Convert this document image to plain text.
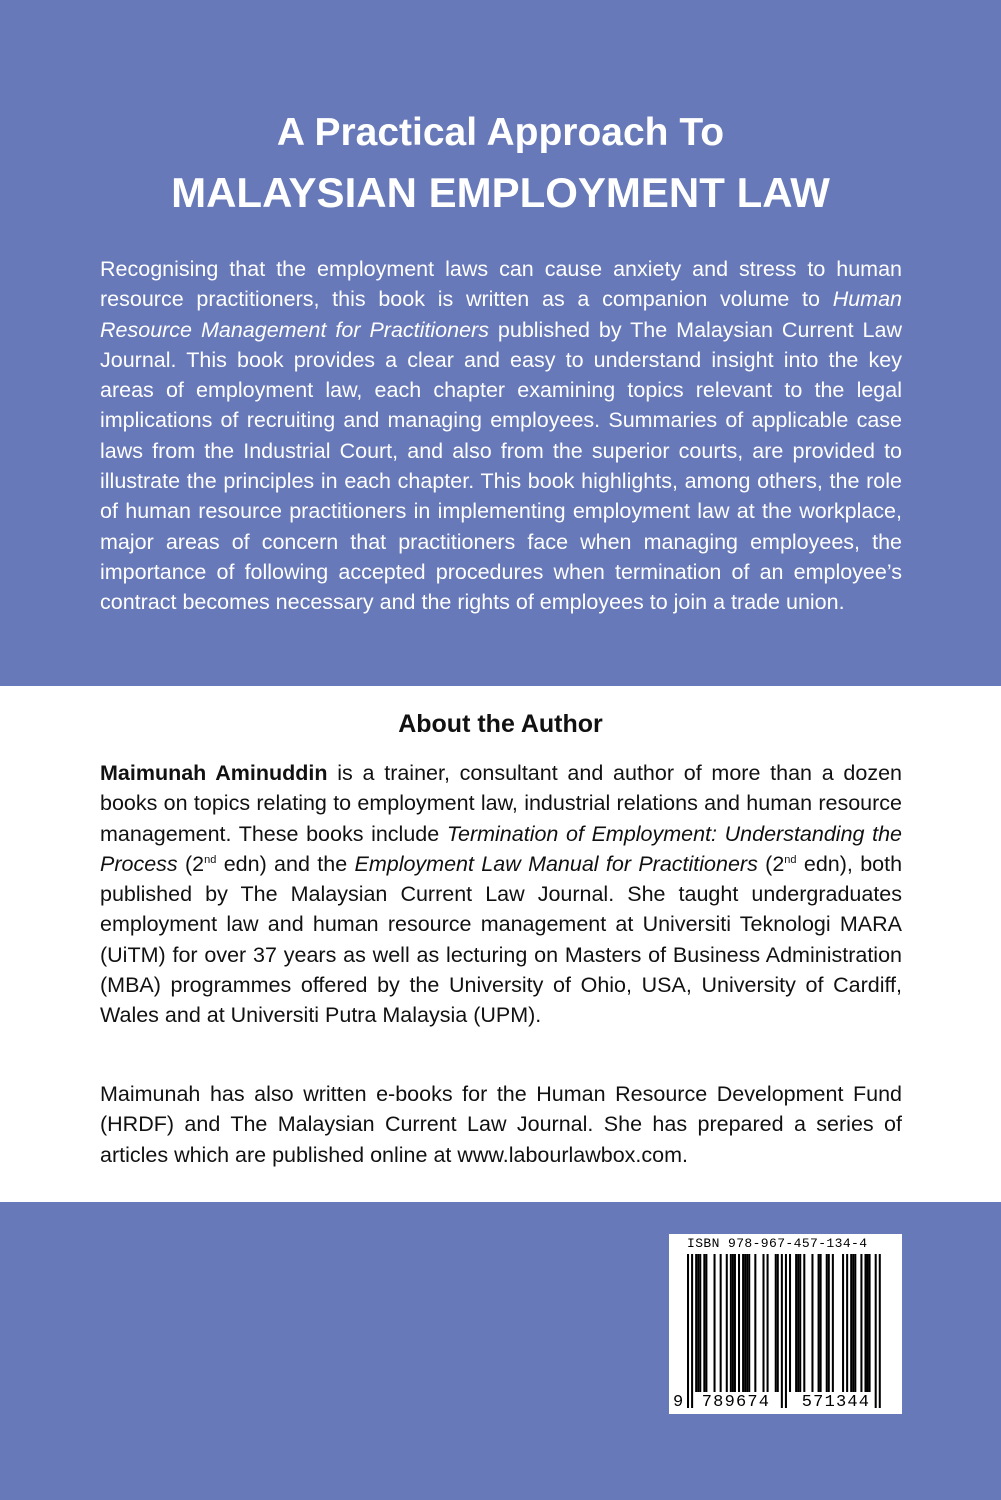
A Practical Approach To
MALAYSIAN EMPLOYMENT LAW

Recognising that the employment laws can cause anxiety and stress to human resource practitioners, this book is written as a companion volume to Human Resource Management for Practitioners published by The Malaysian Current Law Journal. This book provides a clear and easy to understand insight into the key areas of employment law, each chapter examining topics relevant to the legal implications of recruiting and managing employees. Summaries of applicable case laws from the Industrial Court, and also from the superior courts, are provided to illustrate the principles in each chapter. This book highlights, among others, the role of human resource practitioners in implementing employment law at the workplace, major areas of concern that practitioners face when managing employees, the importance of following accepted procedures when termination of an employee’s contract becomes necessary and the rights of employees to join a trade union.

About the Author

Maimunah Aminuddin is a trainer, consultant and author of more than a dozen books on topics relating to employment law, industrial relations and human resource management. These books include Termination of Employment: Understanding the Process (2nd edn) and the Employment Law Manual for Practitioners (2nd edn), both published by The Malaysian Current Law Journal. She taught undergraduates employment law and human resource management at Universiti Teknologi MARA (UiTM) for over 37 years as well as lecturing on Masters of Business Administration (MBA) programmes offered by the University of Ohio, USA, University of Cardiff, Wales and at Universiti Putra Malaysia (UPM).

Maimunah has also written e-books for the Human Resource Development Fund (HRDF) and The Malaysian Current Law Journal. She has prepared a series of articles which are published online at www.labourlawbox.com.

ISBN 978-967-457-134-4
9	789674	571344
